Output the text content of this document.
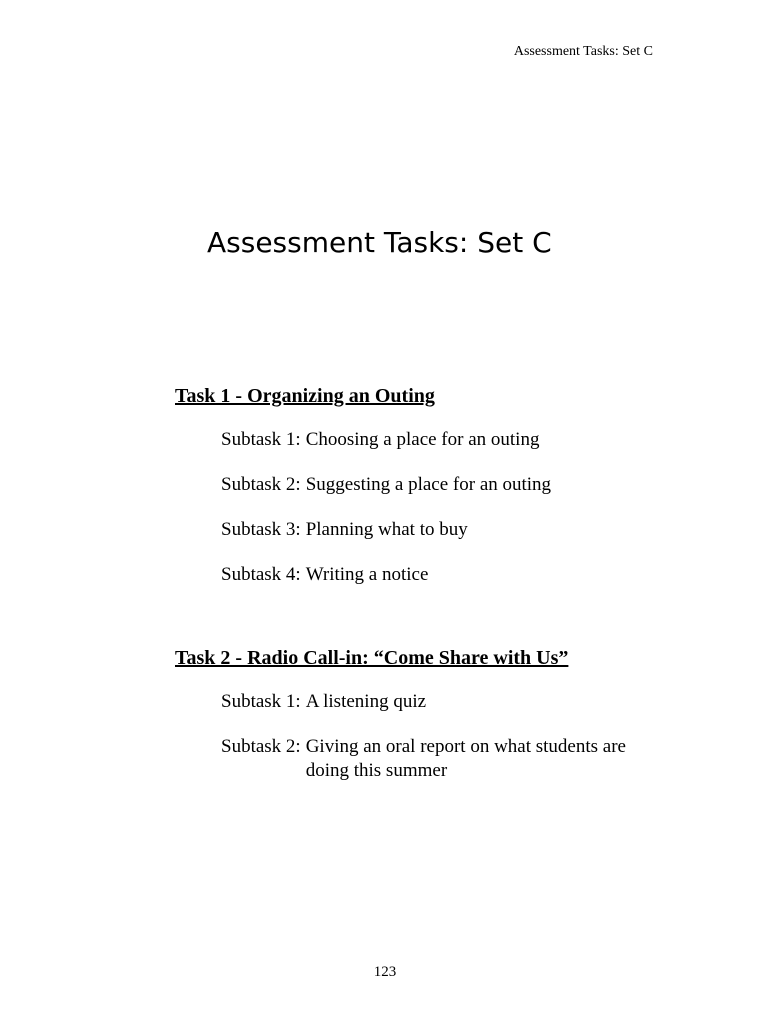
Assessment Tasks: Set C
Assessment Tasks: Set C
Task 1 - Organizing an Outing
Subtask 1: Choosing a place for an outing
Subtask 2: Suggesting a place for an outing
Subtask 3: Planning what to buy
Subtask 4: Writing a notice
Task 2 - Radio Call-in: “Come Share with Us”
Subtask 1: A listening quiz
Subtask 2: Giving an oral report on what students are doing this summer
123
